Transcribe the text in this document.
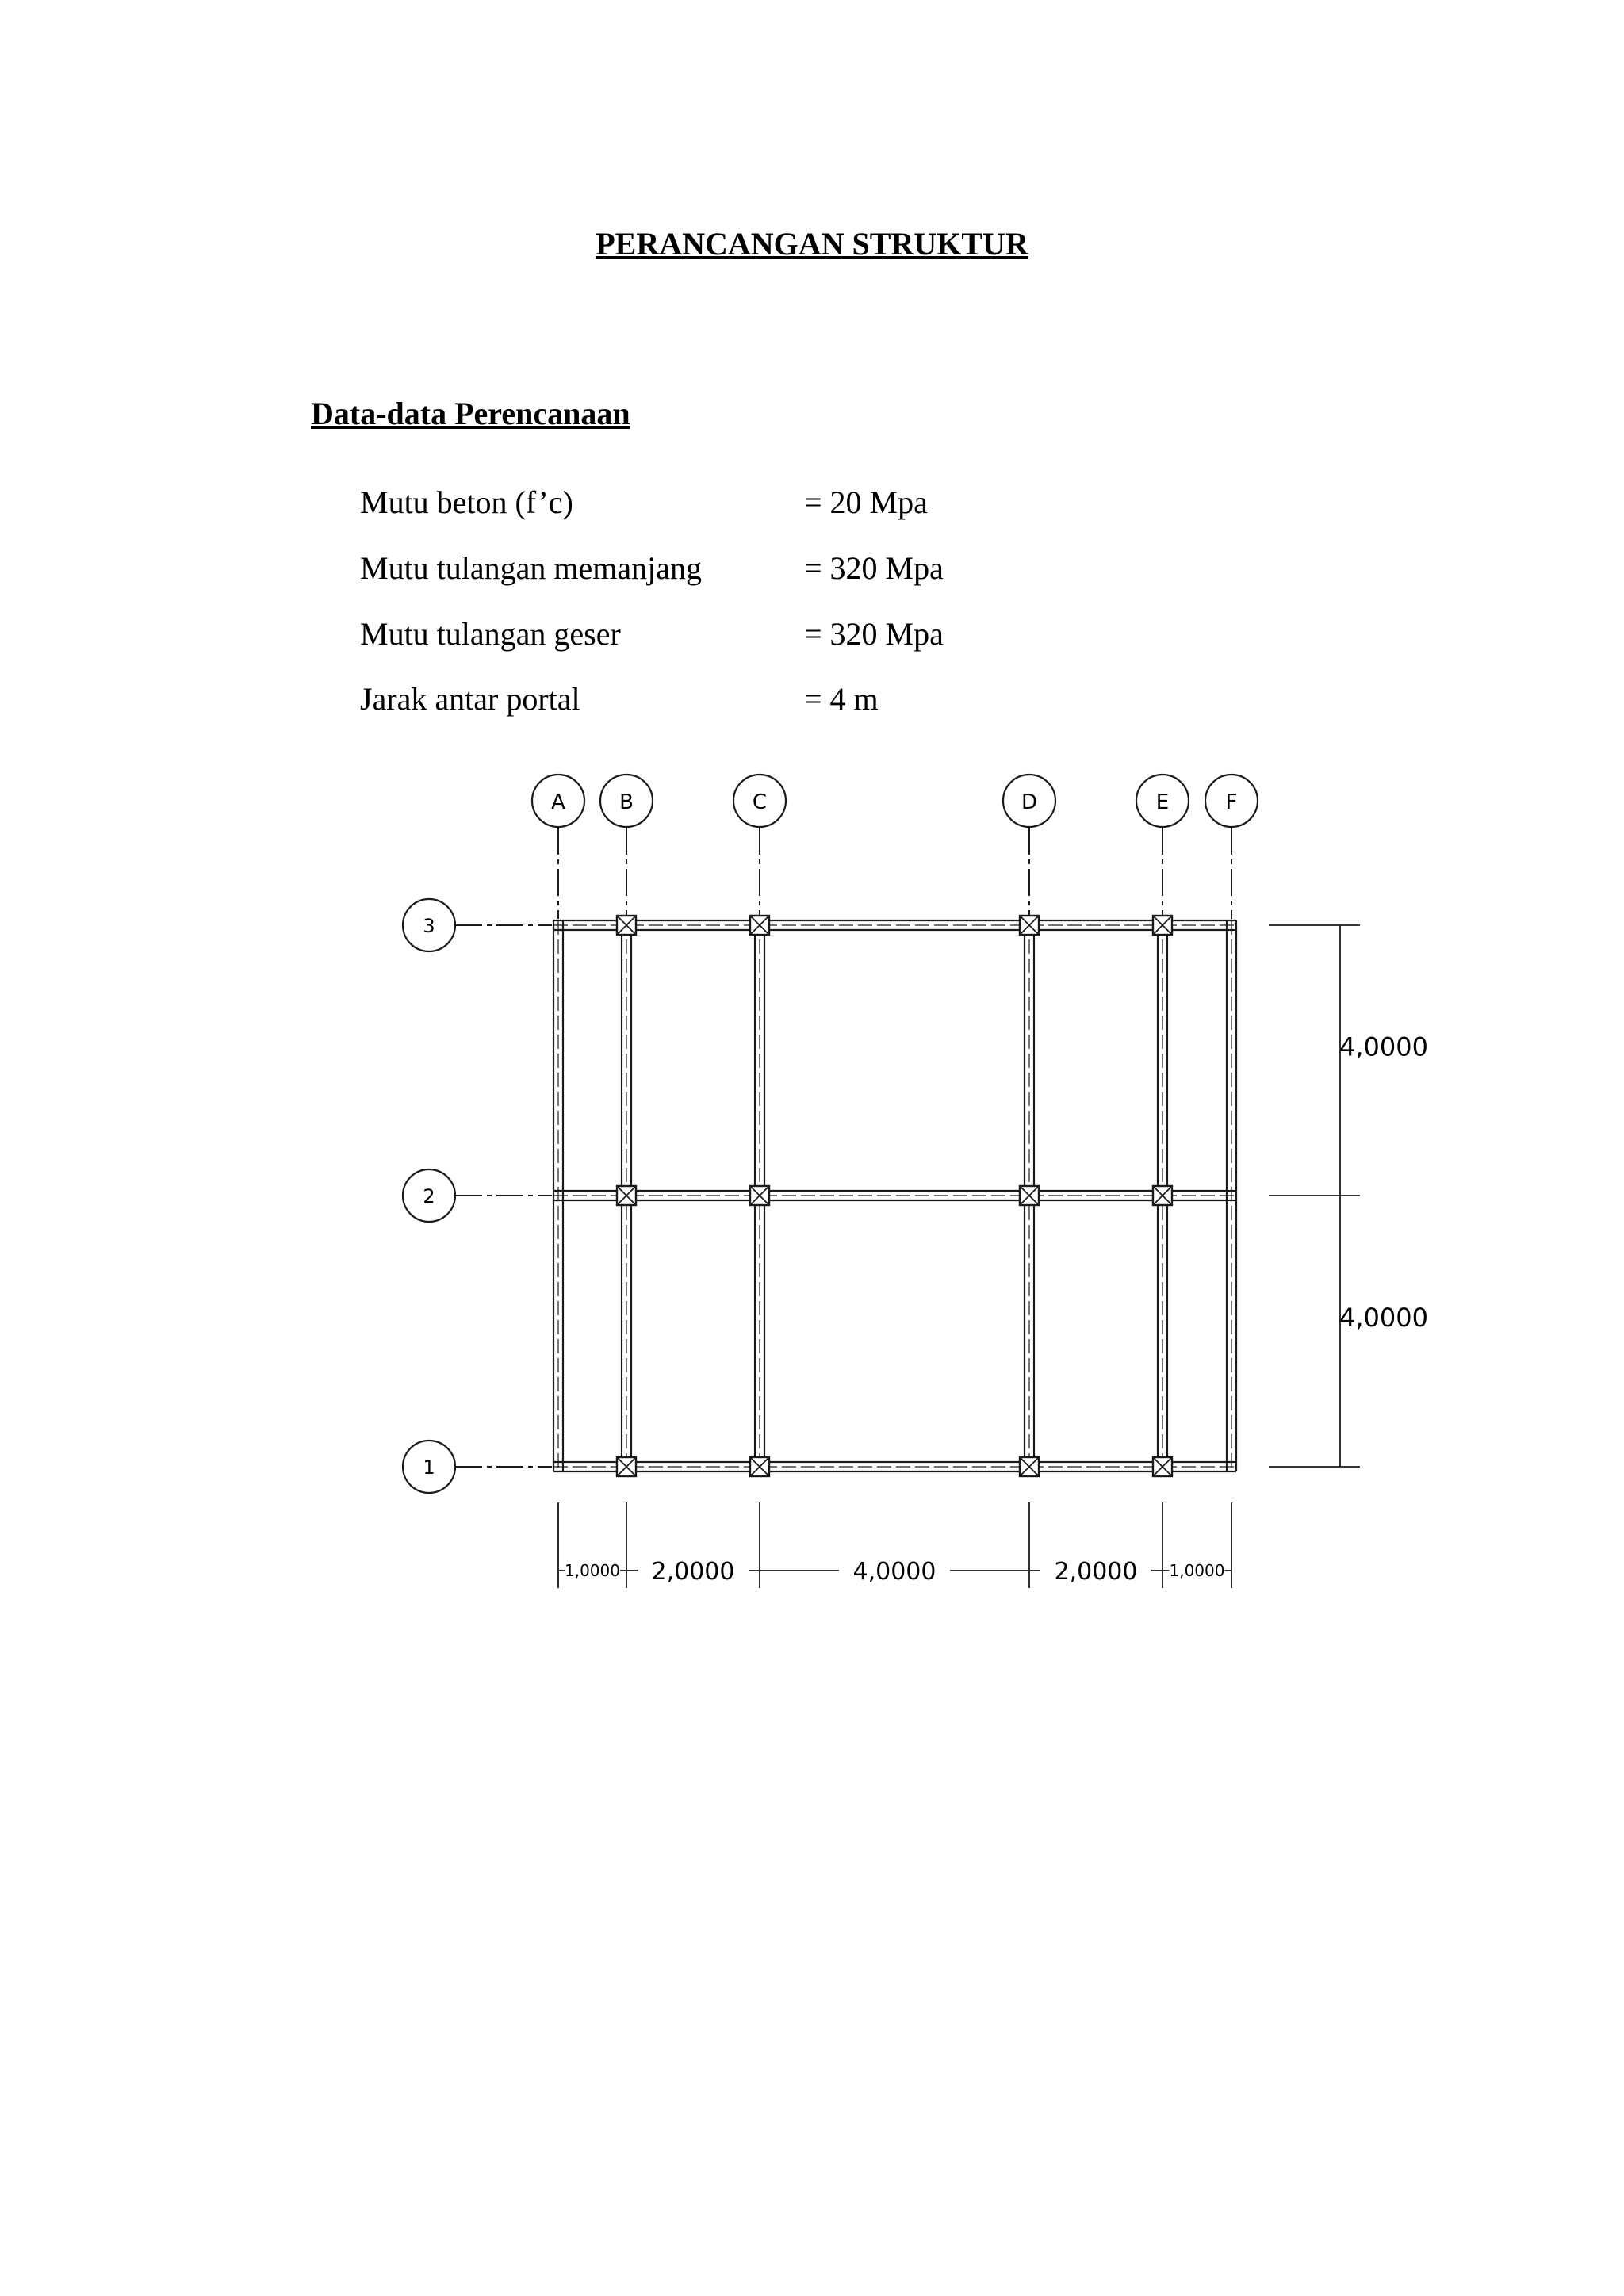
PERANCANGAN STRUKTUR
Data-data Perencanaan
Mutu beton (f’c)	= 20 Mpa
Mutu tulangan memanjang	= 320 Mpa
Mutu tulangan geser	= 320 Mpa
Jarak antar portal	= 4 m
A	B	C	D	E	F
3
2
1
1,0000 2,0000	4,0000	2,0000 1,0000
4,0000
4,0000
